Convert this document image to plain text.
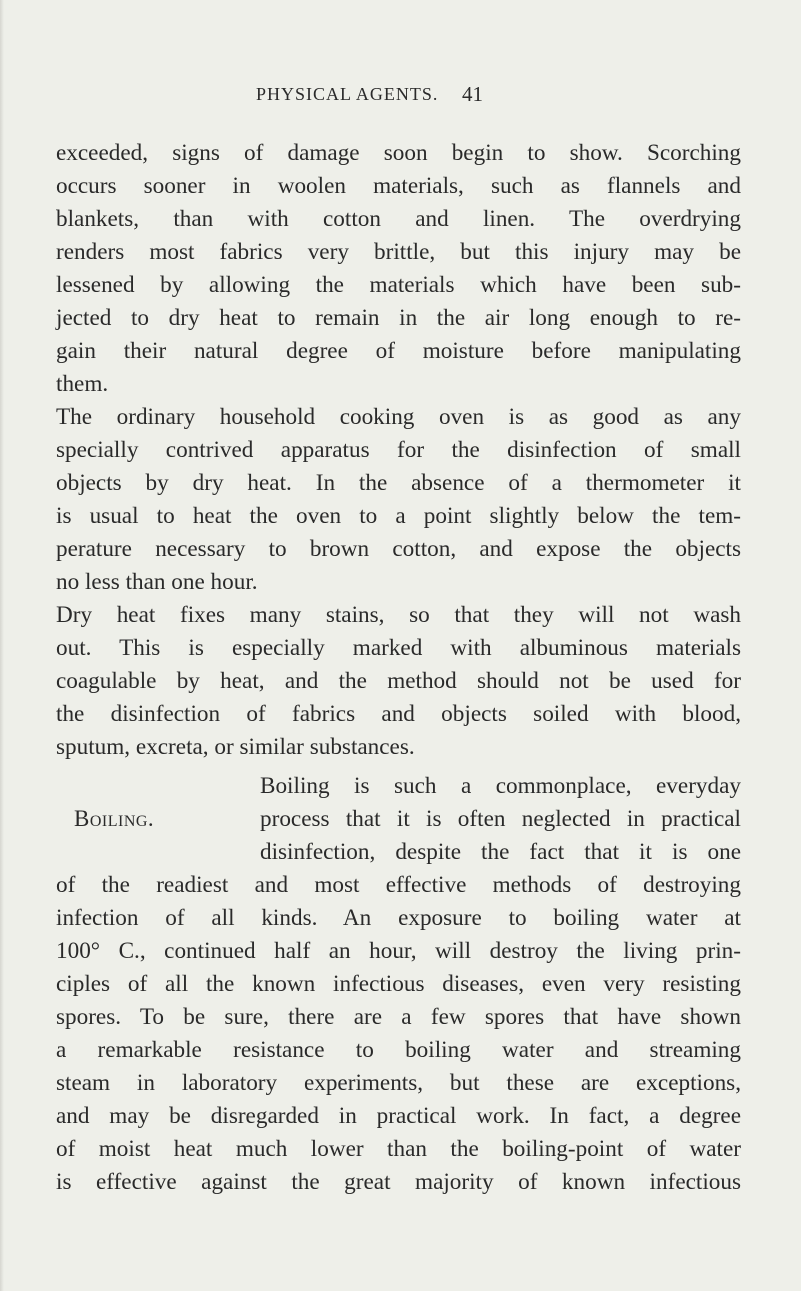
PHYSICAL AGENTS. 41
exceeded, signs of damage soon begin to show. Scorching
occurs sooner in woolen materials, such as flannels and
blankets, than with cotton and linen. The overdrying
renders most fabrics very brittle, but this injury may be
lessened by allowing the materials which have been sub-
jected to dry heat to remain in the air long enough to re-
gain their natural degree of moisture before manipulating
them.
The ordinary household cooking oven is as good as any
specially contrived apparatus for the disinfection of small
objects by dry heat. In the absence of a thermometer it
is usual to heat the oven to a point slightly below the tem-
perature necessary to brown cotton, and expose the objects
no less than one hour.
Dry heat fixes many stains, so that they will not wash
out. This is especially marked with albuminous materials
coagulable by heat, and the method should not be used for
the disinfection of fabrics and objects soiled with blood,
sputum, excreta, or similar substances.
Boiling.
Boiling is such a commonplace, everyday
process that it is often neglected in practical
disinfection, despite the fact that it is one
of the readiest and most effective methods of destroying
infection of all kinds. An exposure to boiling water at
100° C., continued half an hour, will destroy the living prin-
ciples of all the known infectious diseases, even very resisting
spores. To be sure, there are a few spores that have shown
a remarkable resistance to boiling water and streaming
steam in laboratory experiments, but these are exceptions,
and may be disregarded in practical work. In fact, a degree
of moist heat much lower than the boiling-point of water
is effective against the great majority of known infectious
